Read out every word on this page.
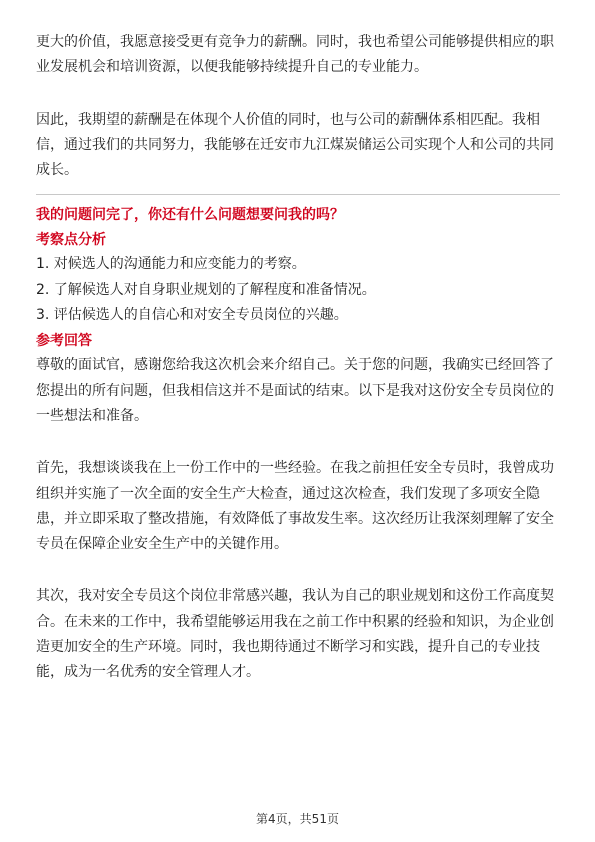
更大的价值，我愿意接受更有竞争力的薪酬。同时，我也希望公司能够提供相应的职业发展机会和培训资源，以便我能够持续提升自己的专业能力。

因此，我期望的薪酬是在体现个人价值的同时，也与公司的薪酬体系相匹配。我相信，通过我们的共同努力，我能够在迁安市九江煤炭储运公司实现个人和公司的共同成长。

我的问题问完了，你还有什么问题想要问我的吗？

考察点分析

1. 对候选人的沟通能力和应变能力的考察。

2. 了解候选人对自身职业规划的了解程度和准备情况。

3. 评估候选人的自信心和对安全专员岗位的兴趣。

参考回答

尊敬的面试官，感谢您给我这次机会来介绍自己。关于您的问题，我确实已经回答了您提出的所有问题，但我相信这并不是面试的结束。以下是我对这份安全专员岗位的一些想法和准备。

首先，我想谈谈我在上一份工作中的一些经验。在我之前担任安全专员时，我曾成功组织并实施了一次全面的安全生产大检查，通过这次检查，我们发现了多项安全隐患，并立即采取了整改措施，有效降低了事故发生率。这次经历让我深刻理解了安全专员在保障企业安全生产中的关键作用。

其次，我对安全专员这个岗位非常感兴趣，我认为自己的职业规划和这份工作高度契合。在未来的工作中，我希望能够运用我在之前工作中积累的经验和知识，为企业创造更加安全的生产环境。同时，我也期待通过不断学习和实践，提升自己的专业技能，成为一名优秀的安全管理人才。

第4页，共51页
